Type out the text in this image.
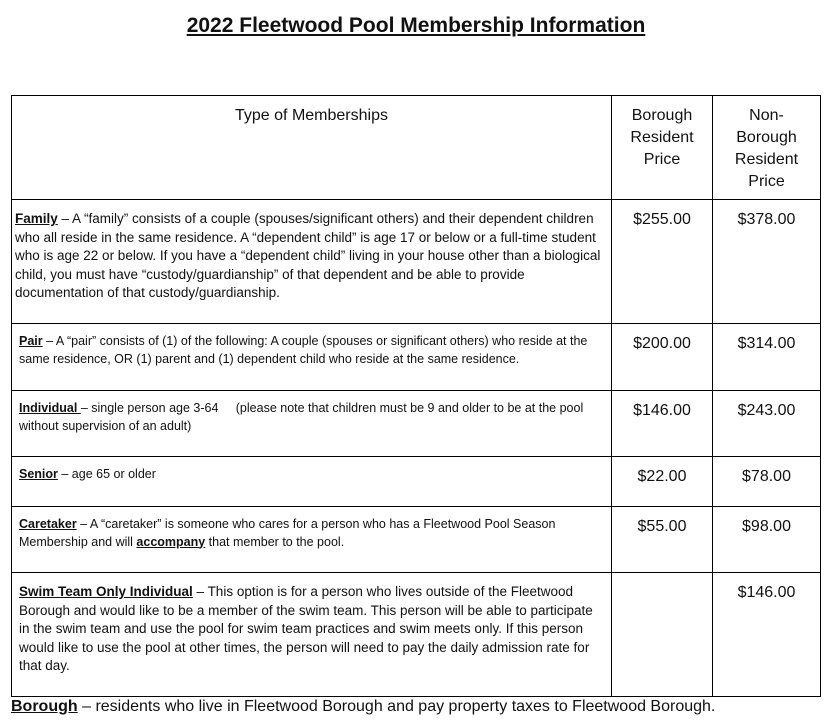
2022 Fleetwood Pool Membership Information
Type of Memberships	Borough
Resident
Price	Non-
Borough
Resident
Price
Family – A “family” consists of a couple (spouses/significant others) and their dependent children who all reside in the same residence. A “dependent child” is age 17 or below or a full-time student who is age 22 or below. If you have a “dependent child” living in your house other than a biological child, you must have “custody/guardianship” of that dependent and be able to provide documentation of that custody/guardianship.	$255.00	$378.00
Pair – A “pair” consists of (1) of the following: A couple (spouses or significant others) who reside at the same residence, OR (1) parent and (1) dependent child who reside at the same residence.	$200.00	$314.00
Individual – single person age 3-64     (please note that children must be 9 and older to be at the pool without supervision of an adult)	$146.00	$243.00
Senior – age 65 or older	$22.00	$78.00
Caretaker – A “caretaker” is someone who cares for a person who has a Fleetwood Pool Season Membership and will accompany that member to the pool.	$55.00	$98.00
Swim Team Only Individual – This option is for a person who lives outside of the Fleetwood Borough and would like to be a member of the swim team. This person will be able to participate in the swim team and use the pool for swim team practices and swim meets only. If this person would like to use the pool at other times, the person will need to pay the daily admission rate for that day.		$146.00
Borough – residents who live in Fleetwood Borough and pay property taxes to Fleetwood Borough.
